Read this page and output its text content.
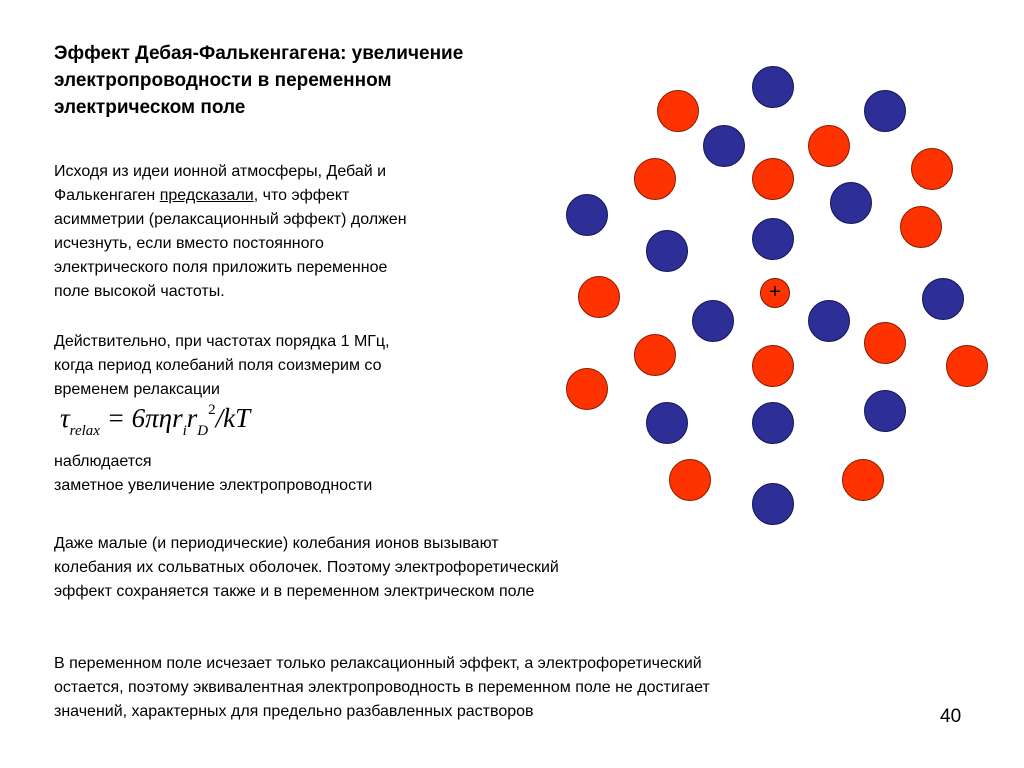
Эффект Дебая-Фалькенгагена: увеличение
электропроводности в переменном
электрическом поле
Исходя из идеи ионной атмосферы, Дебай и
Фалькенгаген предсказали, что эффект
асимметрии (релаксационный эффект) должен
исчезнуть, если вместо постоянного
электрического поля приложить переменное
поле высокой частоты.
Действительно, при частотах порядка 1 МГц,
когда период колебаний поля соизмерим со
временем релаксации
$\tau_{relax} = 6\pi\eta r_ir_D^2/kT$
наблюдается
заметное увеличение электропроводности
Даже малые (и периодические) колебания ионов вызывают
колебания их сольватных оболочек. Поэтому электрофоретический
эффект сохраняется также и в переменном электрическом поле
В переменном поле исчезает только релаксационный эффект, а электрофоретический
остается, поэтому эквивалентная электропроводность в переменном поле не достигает
значений, характерных для предельно разбавленных растворов	40
+
